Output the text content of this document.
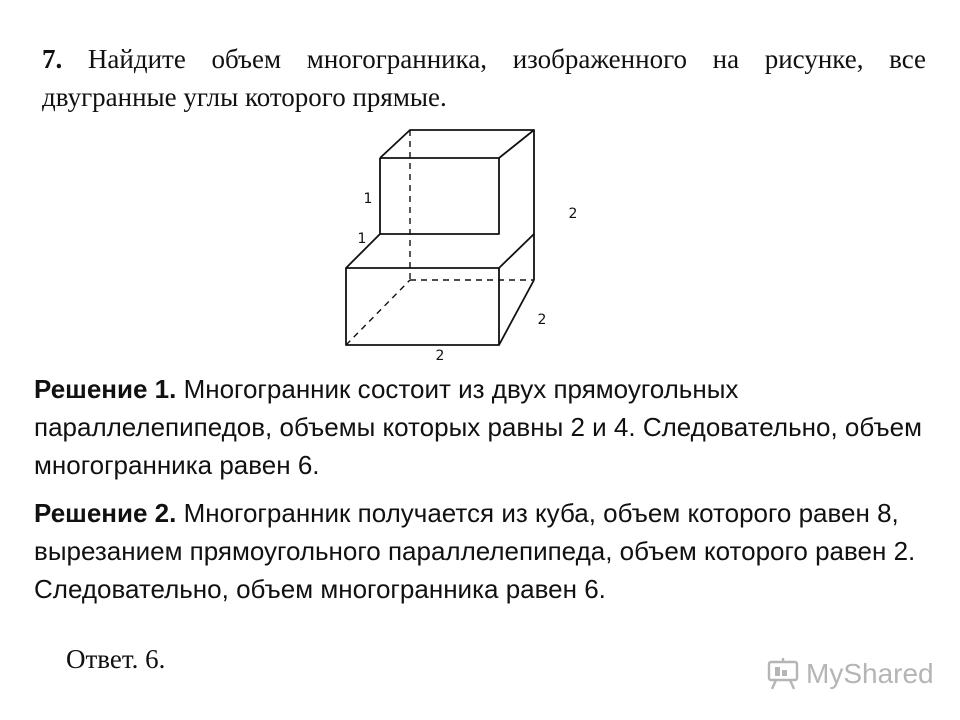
7. Найдите объем многогранника, изображенного на рисунке, все двугранные углы которого прямые.

1
1
2
2
2

Решение 1. Многогранник состоит из двух прямоугольных параллелепипедов, объемы которых равны 2 и 4. Следовательно, объем многогранника равен 6.

Решение 2. Многогранник получается из куба, объем которого равен 8, вырезанием прямоугольного параллелепипеда, объем которого равен 2. Следовательно, объем многогранника равен 6.

Ответ. 6.	MyShared
